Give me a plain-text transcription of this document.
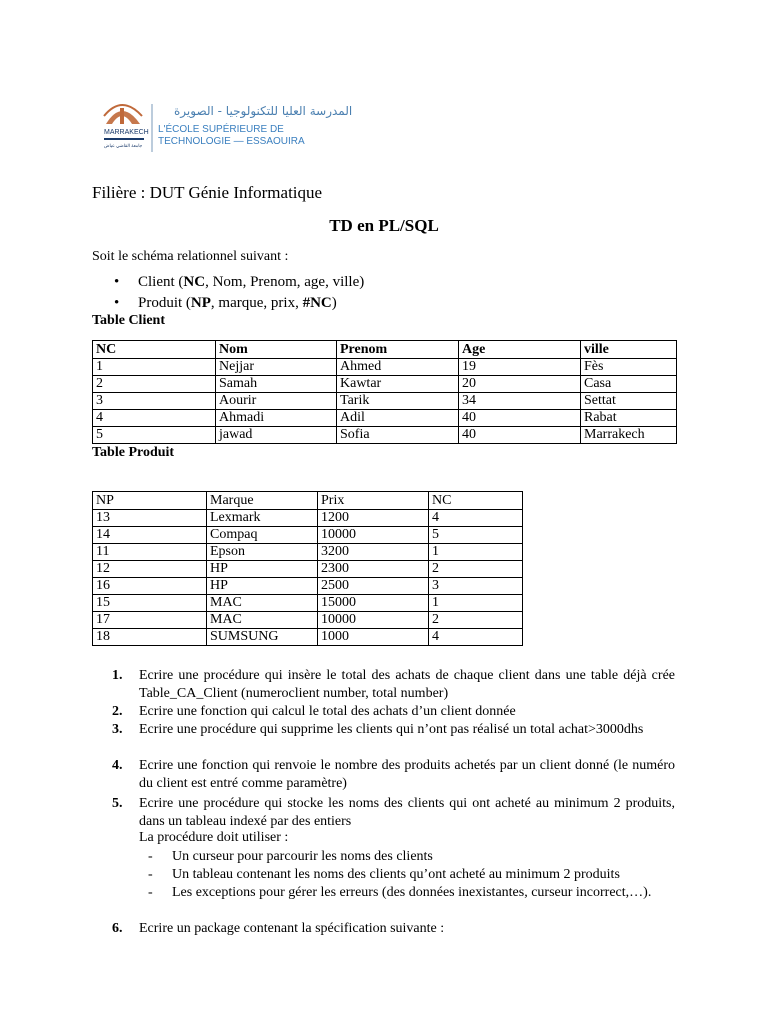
MARRAKECH
جامعة القاضي عياض
المدرسة العليا للتكنولوجيا - الصويرة
L'ÉCOLE SUPÉRIEURE DE
TECHNOLOGIE — ESSAOUIRA
Filière : DUT Génie Informatique
TD en PL/SQL
Soit le schéma relationnel suivant :
• Client (NC, Nom, Prenom, age, ville)
• Produit (NP, marque, prix, #NC)
Table Client
NC	Nom	Prenom	Age	ville
1	Nejjar	Ahmed	19	Fès
2	Samah	Kawtar	20	Casa
3	Aourir	Tarik	34	Settat
4	Ahmadi	Adil	40	Rabat
5	jawad	Sofia	40	Marrakech
Table Produit
NP	Marque	Prix	NC
13	Lexmark	1200	4
14	Compaq	10000	5
11	Epson	3200	1
12	HP	2300	2
16	HP	2500	3
15	MAC	15000	1
17	MAC	10000	2
18	SUMSUNG	1000	4
1. Ecrire une procédure qui insère le total des achats de chaque client dans une table déjà crée Table_CA_Client (numeroclient number, total number)
2. Ecrire une fonction qui calcul le total des achats d’un client donnée
3. Ecrire une procédure qui supprime les clients qui n’ont pas réalisé un total achat>3000dhs
4. Ecrire une fonction qui renvoie le nombre des produits achetés par un client donné (le numéro du client est entré comme paramètre)
5. Ecrire une procédure qui stocke les noms des clients qui ont acheté au minimum 2 produits, dans un tableau indexé par des entiers
La procédure doit utiliser :
- Un curseur pour parcourir les noms des clients
- Un tableau contenant les noms des clients qu’ont acheté au minimum 2 produits
- Les exceptions pour gérer les erreurs (des données inexistantes, curseur incorrect,…).
6. Ecrire un package contenant la spécification suivante :
